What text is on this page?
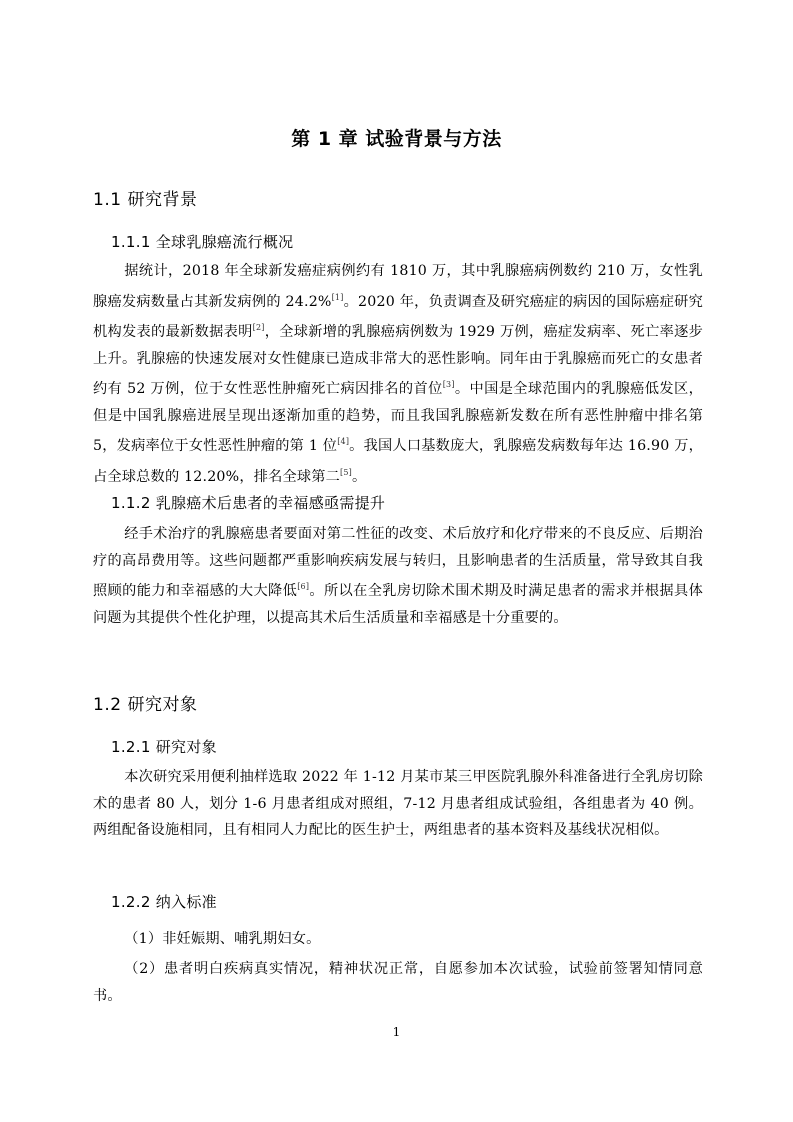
第 1 章 试验背景与方法
1.1 研究背景
1.1.1 全球乳腺癌流行概况
据统计，2018 年全球新发癌症病例约有 1810 万，其中乳腺癌病例数约 210 万，女性乳腺癌发病数量占其新发病例的 24.2%[1]。2020 年，负责调查及研究癌症的病因的国际癌症研究机构发表的最新数据表明[2]，全球新增的乳腺癌病例数为 1929 万例，癌症发病率、死亡率逐步上升。乳腺癌的快速发展对女性健康已造成非常大的恶性影响。同年由于乳腺癌而死亡的女患者约有 52 万例，位于女性恶性肿瘤死亡病因排名的首位[3]。中国是全球范围内的乳腺癌低发区，但是中国乳腺癌进展呈现出逐渐加重的趋势，而且我国乳腺癌新发数在所有恶性肿瘤中排名第 5，发病率位于女性恶性肿瘤的第 1 位[4]。我国人口基数庞大，乳腺癌发病数每年达 16.90 万，占全球总数的 12.20%，排名全球第二[5]。
1.1.2 乳腺癌术后患者的幸福感亟需提升
经手术治疗的乳腺癌患者要面对第二性征的改变、术后放疗和化疗带来的不良反应、后期治疗的高昂费用等。这些问题都严重影响疾病发展与转归，且影响患者的生活质量，常导致其自我照顾的能力和幸福感的大大降低[6]。所以在全乳房切除术围术期及时满足患者的需求并根据具体问题为其提供个性化护理，以提高其术后生活质量和幸福感是十分重要的。
1.2 研究对象
1.2.1 研究对象
本次研究采用便利抽样选取 2022 年 1-12 月某市某三甲医院乳腺外科准备进行全乳房切除术的患者 80 人，划分 1-6 月患者组成对照组，7-12 月患者组成试验组，各组患者为 40 例。两组配备设施相同，且有相同人力配比的医生护士，两组患者的基本资料及基线状况相似。
1.2.2 纳入标准
（1）非妊娠期、哺乳期妇女。
（2）患者明白疾病真实情况，精神状况正常，自愿参加本次试验，试验前签署知情同意书。
1
